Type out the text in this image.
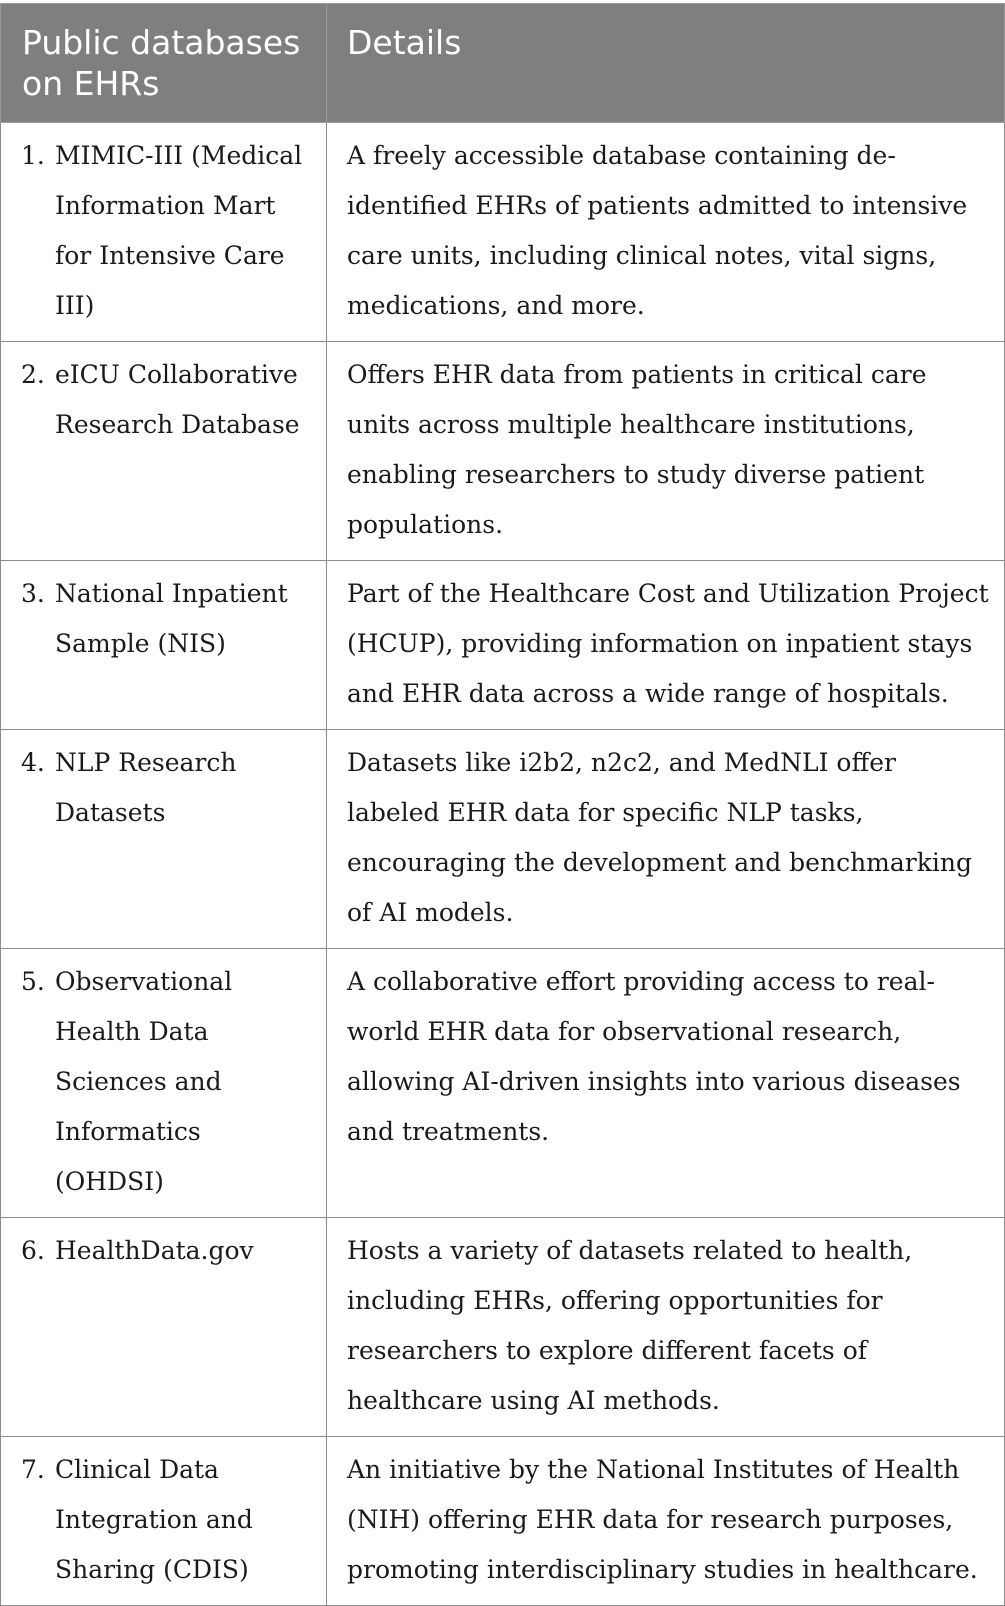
Public databases on EHRs	Details

1. MIMIC-III (Medical Information Mart for Intensive Care III)	A freely accessible database containing de-identified EHRs of patients admitted to intensive care units, including clinical notes, vital signs, medications, and more.

2. eICU Collaborative Research Database	Offers EHR data from patients in critical care units across multiple healthcare institutions, enabling researchers to study diverse patient populations.

3. National Inpatient Sample (NIS)	Part of the Healthcare Cost and Utilization Project (HCUP), providing information on inpatient stays and EHR data across a wide range of hospitals.

4. NLP Research Datasets	Datasets like i2b2, n2c2, and MedNLI offer labeled EHR data for specific NLP tasks, encouraging the development and benchmarking of AI models.

5. Observational Health Data Sciences and Informatics (OHDSI)	A collaborative effort providing access to real-world EHR data for observational research, allowing AI-driven insights into various diseases and treatments.

6. HealthData.gov	Hosts a variety of datasets related to health, including EHRs, offering opportunities for researchers to explore different facets of healthcare using AI methods.

7. Clinical Data Integration and Sharing (CDIS)	An initiative by the National Institutes of Health (NIH) offering EHR data for research purposes, promoting interdisciplinary studies in healthcare.
